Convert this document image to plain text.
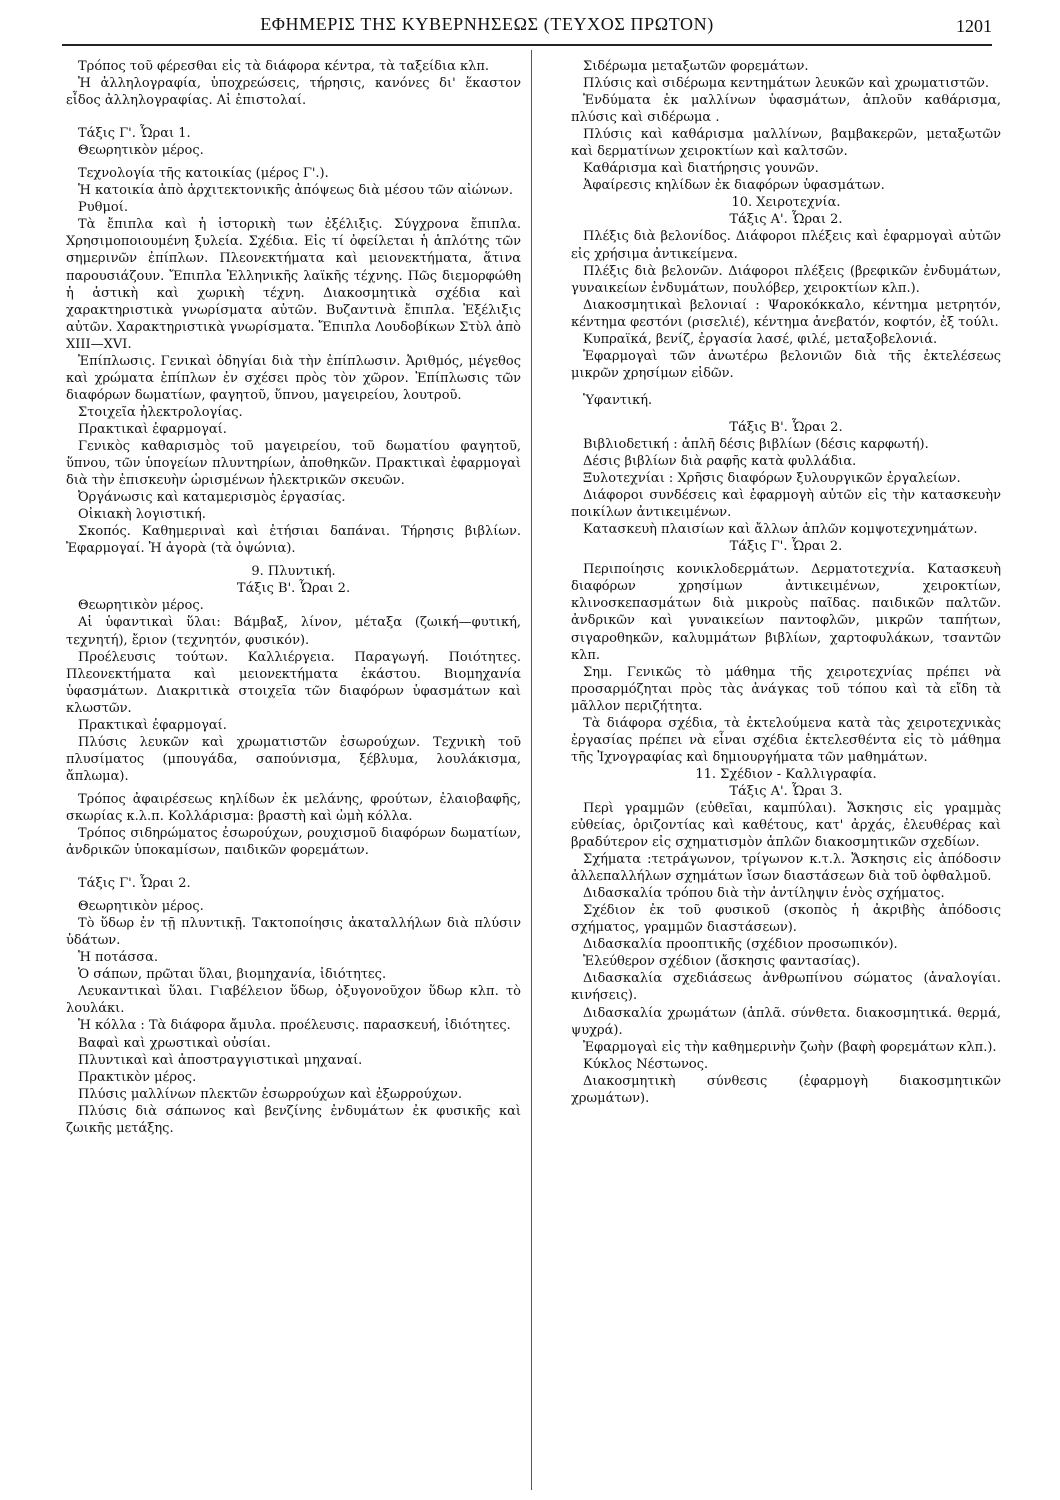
ΕΦΗΜΕΡΙΣ ΤΗΣ ΚΥΒΕΡΝΗΣΕΩΣ (ΤΕΥΧΟΣ ΠΡΩΤΟΝ)	1201

Τρόπος τοῦ φέρεσθαι εἰς τὰ διάφορα κέντρα, τὰ ταξείδια κλπ.

Ἡ ἀλληλογραφία, ὑποχρεώσεις, τήρησις, κανόνες δι' ἕκαστον εἶδος ἀλληλογραφίας. Αἱ ἐπιστολαί.

Τάξις Γ'. Ὧραι 1.

Θεωρητικὸν μέρος.

Τεχνολογία τῆς κατοικίας (μέρος Γ'.).

Ἡ κατοικία ἀπὸ ἀρχιτεκτονικῆς ἀπόψεως διὰ μέσου τῶν αἰώνων.

Ρυθμοί.

Τὰ ἔπιπλα καὶ ἡ ἱστορικὴ των ἐξέλιξις. Σύγχρονα ἔπιπλα. Χρησιμοποιουμένη ξυλεία. Σχέδια. Εἰς τί ὀφείλεται ἡ ἁπλότης τῶν σημερινῶν ἐπίπλων. Πλεονεκτήματα καὶ μειονεκτήματα, ἅτινα παρουσιάζουν. Ἔπιπλα Ἑλληνικῆς λαϊκῆς τέχνης. Πῶς διεμορφώθη ἡ ἀστικὴ καὶ χωρικὴ τέχνη. Διακοσμητικὰ σχέδια καὶ χαρακτηριστικὰ γνωρίσματα αὐτῶν. Βυζαντινὰ ἔπιπλα. Ἐξέλιξις αὐτῶν. Χαρακτηριστικὰ γνωρίσματα. Ἔπιπλα Λουδοβίκων Στὺλ ἀπὸ XIII—XVI.

Ἐπίπλωσις. Γενικαὶ ὁδηγίαι διὰ τὴν ἐπίπλωσιν. Ἀριθμός, μέγεθος καὶ χρώματα ἐπίπλων ἐν σχέσει πρὸς τὸν χῶρον. Ἐπίπλωσις τῶν διαφόρων δωματίων, φαγητοῦ, ὕπνου, μαγειρείου, λουτροῦ.

Στοιχεῖα ἠλεκτρολογίας.

Πρακτικαὶ ἐφαρμογαί.

Γενικὸς καθαρισμὸς τοῦ μαγειρείου, τοῦ δωματίου φαγητοῦ, ὕπνου, τῶν ὑπογείων πλυντηρίων, ἀποθηκῶν. Πρακτικαὶ ἐφαρμογαὶ διὰ τὴν ἐπισκευὴν ὡρισμένων ἠλεκτρικῶν σκευῶν.

Ὀργάνωσις καὶ καταμερισμὸς ἐργασίας.

Οἰκιακὴ λογιστική.

Σκοπός. Καθημεριναὶ καὶ ἐτήσιαι δαπάναι. Τήρησις βιβλίων. Ἐφαρμογαί. Ἡ ἀγορὰ (τὰ ὀψώνια).

9. Πλυντική.

Τάξις Β'. Ὧραι 2.

Θεωρητικὸν μέρος.

Αἱ ὑφαντικαὶ ὕλαι: Βάμβαξ, λίνον, μέταξα (ζωική—φυτική, τεχνητή), ἔριον (τεχνητόν, φυσικόν).

Προέλευσις τούτων. Καλλιέργεια. Παραγωγή. Ποιότητες. Πλεονεκτήματα καὶ μειονεκτήματα ἑκάστου. Βιομηχανία ὑφασμάτων. Διακριτικὰ στοιχεῖα τῶν διαφόρων ὑφασμάτων καὶ κλωστῶν.

Πρακτικαὶ ἐφαρμογαί.

Πλύσις λευκῶν καὶ χρωματιστῶν ἐσωρούχων. Τεχνικὴ τοῦ πλυσίματος (μπουγάδα, σαπούνισμα, ξέβλυμα, λουλάκισμα, ἄπλωμα).

Τρόπος ἀφαιρέσεως κηλίδων ἐκ μελάνης, φρούτων, ἐλαιοβαφῆς, σκωρίας κ.λ.π. Κολλάρισμα: βραστὴ καὶ ὠμὴ κόλλα.

Τρόπος σιδηρώματος ἐσωρούχων, ρουχισμοῦ διαφόρων δωματίων, ἀνδρικῶν ὑποκαμίσων, παιδικῶν φορεμάτων.

Τάξις Γ'. Ὧραι 2.

Θεωρητικὸν μέρος.

Τὸ ὕδωρ ἐν τῇ πλυντικῇ. Τακτοποίησις ἀκαταλλήλων διὰ πλύσιν ὑδάτων.

Ἡ ποτάσσα.

Ὁ σάπων, πρῶται ὕλαι, βιομηχανία, ἰδιότητες.

Λευκαντικαὶ ὕλαι. Γιαβέλειον ὕδωρ, ὀξυγονοῦχον ὕδωρ κλπ. τὸ λουλάκι.

Ἡ κόλλα : Τὰ διάφορα ἄμυλα. προέλευσις. παρασκευή, ἰδιότητες.

Βαφαὶ καὶ χρωστικαὶ οὐσίαι.

Πλυντικαὶ καὶ ἀποστραγγιστικαὶ μηχαναί.

Πρακτικὸν μέρος.

Πλύσις μαλλίνων πλεκτῶν ἐσωρρούχων καὶ ἐξωρρούχων.

Πλύσις διὰ σάπωνος καὶ βενζίνης ἐνδυμάτων ἐκ φυσικῆς καὶ ζωικῆς μετάξης.

Σιδέρωμα μεταξωτῶν φορεμάτων.

Πλύσις καὶ σιδέρωμα κεντημάτων λευκῶν καὶ χρωματιστῶν.

Ἐνδύματα ἐκ μαλλίνων ὑφασμάτων, ἁπλοῦν καθάρισμα, πλύσις καὶ σιδέρωμα .

Πλύσις καὶ καθάρισμα μαλλίνων, βαμβακερῶν, μεταξωτῶν καὶ δερματίνων χειροκτίων καὶ καλτσῶν.

Καθάρισμα καὶ διατήρησις γουνῶν.

Ἀφαίρεσις κηλίδων ἐκ διαφόρων ὑφασμάτων.

10. Χειροτεχνία.

Τάξις Α'. Ὧραι 2.

Πλέξις διὰ βελονίδος. Διάφοροι πλέξεις καὶ ἐφαρμογαὶ αὐτῶν εἰς χρήσιμα ἀντικείμενα.

Πλέξις διὰ βελονῶν. Διάφοροι πλέξεις (βρεφικῶν ἐνδυμάτων, γυναικείων ἐνδυμάτων, πουλόβερ, χειροκτίων κλπ.).

Διακοσμητικαὶ βελονιαί : Ψαροκόκκαλο, κέντημα μετρητόν, κέντημα φεστόνι (ρισελιέ), κέντημα ἀνεβατόν, κοφτόν, ἐξ τούλι.

Κυπραϊκά, βενίζ, ἐργασία λασέ, φιλέ, μεταξοβελονιά.

Ἐφαρμογαὶ τῶν ἀνωτέρω βελονιῶν διὰ τῆς ἐκτελέσεως μικρῶν χρησίμων εἰδῶν.

Ὑφαντική.

Τάξις Β'. Ὧραι 2.

Βιβλιοδετική : ἁπλῆ δέσις βιβλίων (δέσις καρφωτή).

Δέσις βιβλίων διὰ ραφῆς κατὰ φυλλάδια.

Ξυλοτεχνίαι : Χρῆσις διαφόρων ξυλουργικῶν ἐργαλείων.

Διάφοροι συνδέσεις καὶ ἐφαρμογὴ αὐτῶν εἰς τὴν κατασκευὴν ποικίλων ἀντικειμένων.

Κατασκευὴ πλαισίων καὶ ἄλλων ἁπλῶν κομψοτεχνημάτων.

Τάξις Γ'. Ὧραι 2.

Περιποίησις κονικλοδερμάτων. Δερματοτεχνία. Κατασκευὴ διαφόρων χρησίμων ἀντικειμένων, χειροκτίων, κλινοσκεπασμάτων διὰ μικροὺς παῖδας. παιδικῶν παλτῶν. ἀνδρικῶν καὶ γυναικείων παντοφλῶν, μικρῶν ταπήτων, σιγαροθηκῶν, καλυμμάτων βιβλίων, χαρτοφυλάκων, τσαντῶν κλπ.

Σημ. Γενικῶς τὸ μάθημα τῆς χειροτεχνίας πρέπει νὰ προσαρμόζηται πρὸς τὰς ἀνάγκας τοῦ τόπου καὶ τὰ εἴδη τὰ μᾶλλον περιζήτητα.

Τὰ διάφορα σχέδια, τὰ ἐκτελούμενα κατὰ τὰς χειροτεχνικὰς ἐργασίας πρέπει νὰ εἶναι σχέδια ἐκτελεσθέντα εἰς τὸ μάθημα τῆς Ἰχνογραφίας καὶ δημιουργήματα τῶν μαθημάτων.

11. Σχέδιον - Καλλιγραφία.

Τάξις Α'. Ὧραι 3.

Περὶ γραμμῶν (εὐθεῖαι, καμπύλαι). Ἄσκησις εἰς γραμμὰς εὐθείας, ὁριζοντίας καὶ καθέτους, κατ' ἀρχάς, ἐλευθέρας καὶ βραδύτερον εἰς σχηματισμὸν ἁπλῶν διακοσμητικῶν σχεδίων.

Σχήματα :τετράγωνον, τρίγωνον κ.τ.λ. Ἄσκησις εἰς ἀπόδοσιν ἀλλεπαλλήλων σχημάτων ἴσων διαστάσεων διὰ τοῦ ὀφθαλμοῦ.

Διδασκαλία τρόπου διὰ τὴν ἀντίληψιν ἑνὸς σχήματος.

Σχέδιον ἐκ τοῦ φυσικοῦ (σκοπὸς ἡ ἀκριβὴς ἀπόδοσις σχήματος, γραμμῶν διαστάσεων).

Διδασκαλία προοπτικῆς (σχέδιον προσωπικόν).

Ἐλεύθερον σχέδιον (ἄσκησις φαντασίας).

Διδασκαλία σχεδιάσεως ἀνθρωπίνου σώματος (ἀναλογίαι. κινήσεις).

Διδασκαλία χρωμάτων (ἁπλᾶ. σύνθετα. διακοσμητικά. θερμά, ψυχρά).

Ἐφαρμογαὶ εἰς τὴν καθημερινὴν ζωὴν (βαφὴ φορεμάτων κλπ.).

Κύκλος Νέστωνος.

Διακοσμητικὴ σύνθεσις (ἐφαρμογὴ διακοσμητικῶν χρωμάτων).
